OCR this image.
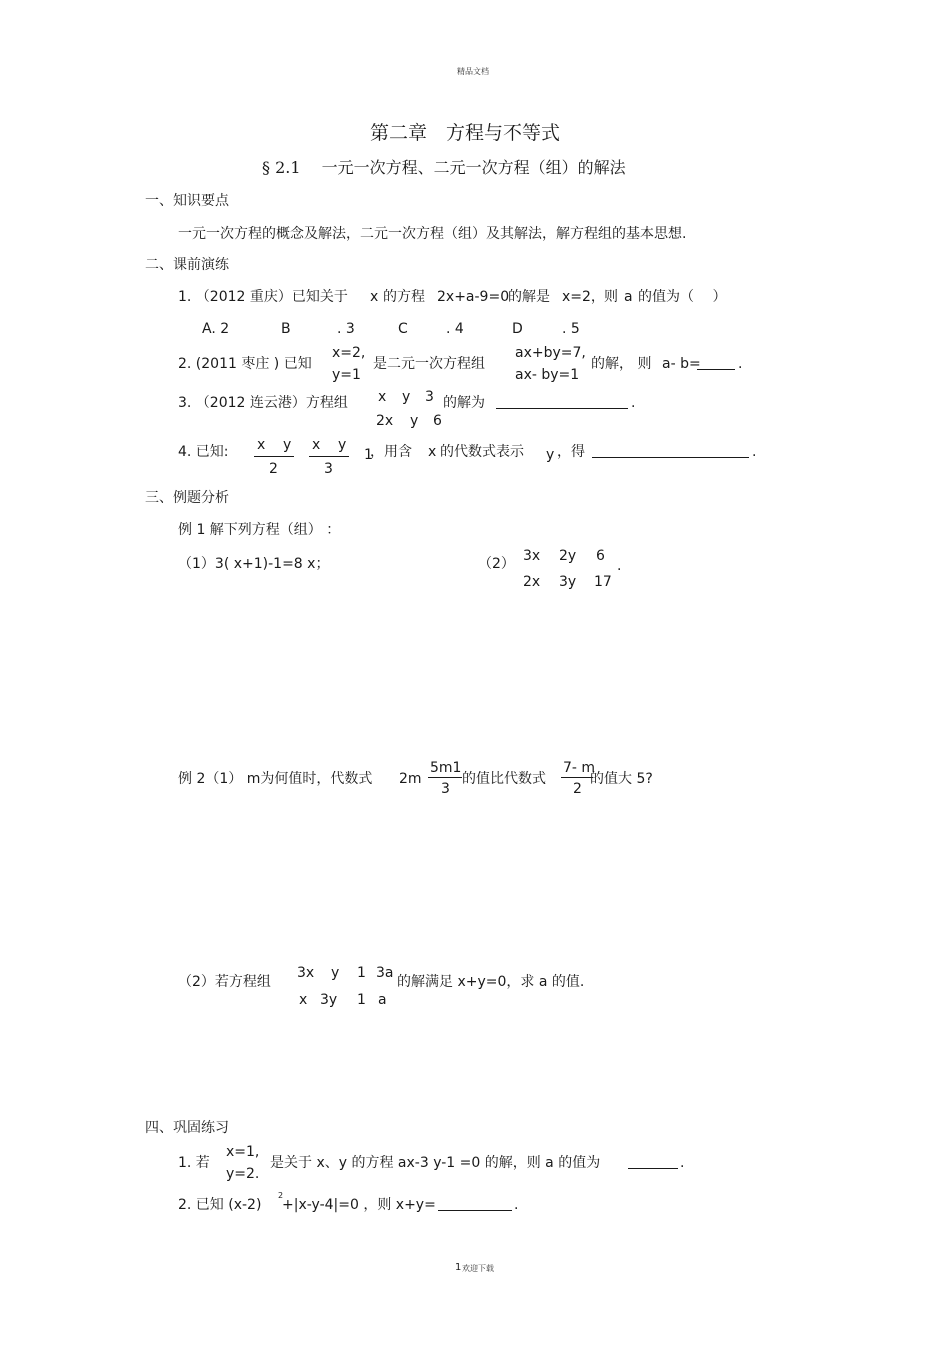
精品文档
第二章　方程与不等式
§ 2.1　 一元一次方程、二元一次方程（组）的解法
一、知识要点
一元一次方程的概念及解法，二元一次方程（组）及其解法，解方程组的基本思想.
二、课前演练
1. （2012 重庆）已知关于 x 的方程 2x+a-9=0
的解是 x=2， 则 a 的值为（　 ）
A. 2	B	. 3	C	. 4	D	. 5
2. (2011 枣庄 ) 已知
x=2,
y=1
是二元一次方程组
ax+by=7,
ax- by=1
的解， 则 a- b=	.
3. （2012 连云港）方程组 x y 3
2x y 6
的解为	.
4. 已知: x y
2
x y
3
1
，用含 x 的代数式表示 y ，得	.
三、例题分析
例 1 解下列方程（组） ：
（1）3( x+1)-1=8 x；	（2） 3x 2y 6
2x 3y 17
.
例 2（1） m为何值时，代数式 2m
5m1
3
的值比代数式
7- m
2
的值大 5?
（2）若方程组
3x y 1 3a
x 3y 1 a
的解满足 x+y=0，求 a 的值.
四、巩固练习
1. 若
x=1,
y=2.
是关于 x、y 的方程 ax-3 y-1 =0 的解，则 a 的值为	.
2. 已知 (x-2)
2
+|x-y-4|=0 ，则 x+y=	.
1 欢迎下载
